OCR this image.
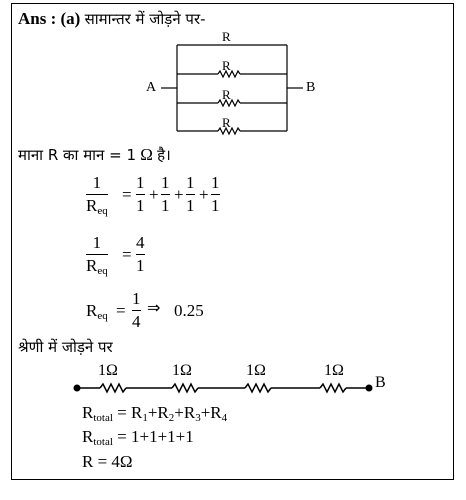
Ans : (a) सामान्तर में जोड़ने पर-
R
R
R
R
A	B
माना R का मान = 1 Ω है।
1
$R_{eq}$
=
1
1
+
1
1
+
1
1
+
1
1
1
$R_{eq}$
=
4
1
$R_{eq}$ =
1
4
⇒ 0.25
श्रेणी में जोड़ने पर
1Ω	1Ω	1Ω	1Ω
B
$R_{total} = R_1+R_2+R_3+R_4$
$R_{total} = 1+1+1+1$
R = 4Ω
